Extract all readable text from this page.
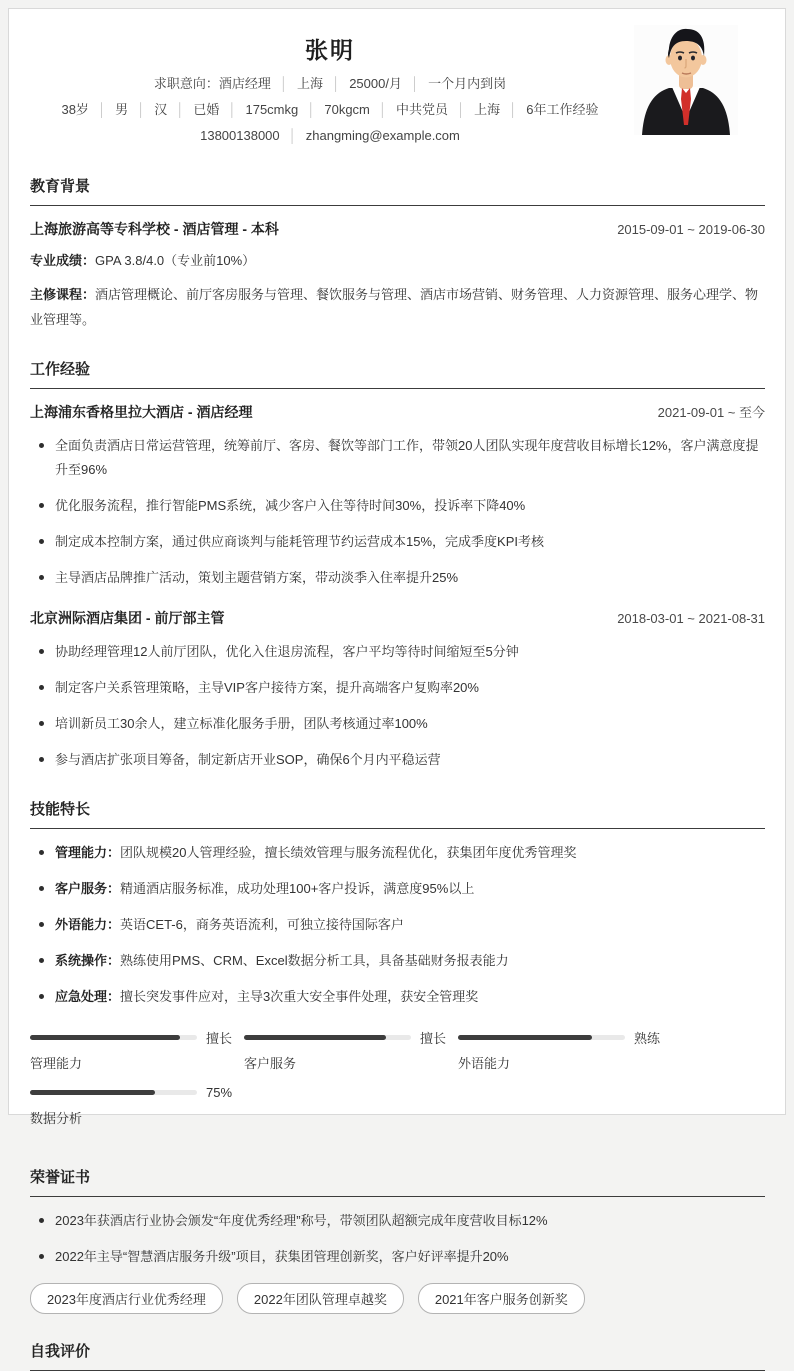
张明
求职意向：酒店经理 │ 上海 │ 25000/月 │ 一个月内到岗
38岁 │ 男 │ 汉 │ 已婚 │ 175cmkg │ 70kgcm │ 中共党员 │ 上海 │ 6年工作经验
13800138000 │ zhangming@example.com
教育背景
上海旅游高等专科学校 - 酒店管理 - 本科	2015-09-01 ~ 2019-06-30
专业成绩：GPA 3.8/4.0（专业前10%）
主修课程：酒店管理概论、前厅客房服务与管理、餐饮服务与管理、酒店市场营销、财务管理、人力资源管理、服务心理学、物业管理等。
工作经验
上海浦东香格里拉大酒店 - 酒店经理	2021-09-01 ~ 至今
全面负责酒店日常运营管理，统筹前厅、客房、餐饮等部门工作，带领20人团队实现年度营收目标增长12%，客户满意度提升至96%
优化服务流程，推行智能PMS系统，减少客户入住等待时间30%，投诉率下降40%
制定成本控制方案，通过供应商谈判与能耗管理节约运营成本15%，完成季度KPI考核
主导酒店品牌推广活动，策划主题营销方案，带动淡季入住率提升25%
北京洲际酒店集团 - 前厅部主管	2018-03-01 ~ 2021-08-31
协助经理管理12人前厅团队，优化入住退房流程，客户平均等待时间缩短至5分钟
制定客户关系管理策略，主导VIP客户接待方案，提升高端客户复购率20%
培训新员工30余人，建立标准化服务手册，团队考核通过率100%
参与酒店扩张项目筹备，制定新店开业SOP，确保6个月内平稳运营
技能特长
管理能力：团队规模20人管理经验，擅长绩效管理与服务流程优化，获集团年度优秀管理奖
客户服务：精通酒店服务标准，成功处理100+客户投诉，满意度95%以上
外语能力：英语CET-6，商务英语流利，可独立接待国际客户
系统操作：熟练使用PMS、CRM、Excel数据分析工具，具备基础财务报表能力
应急处理：擅长突发事件应对，主导3次重大安全事件处理，获安全管理奖
擅长
管理能力
擅长
客户服务
熟练
外语能力
75%
数据分析
荣誉证书
2023年获酒店行业协会颁发“年度优秀经理”称号，带领团队超额完成年度营收目标12%
2022年主导“智慧酒店服务升级”项目，获集团管理创新奖，客户好评率提升20%
2023年度酒店行业优秀经理	2022年团队管理卓越奖	2021年客户服务创新奖
自我评价
